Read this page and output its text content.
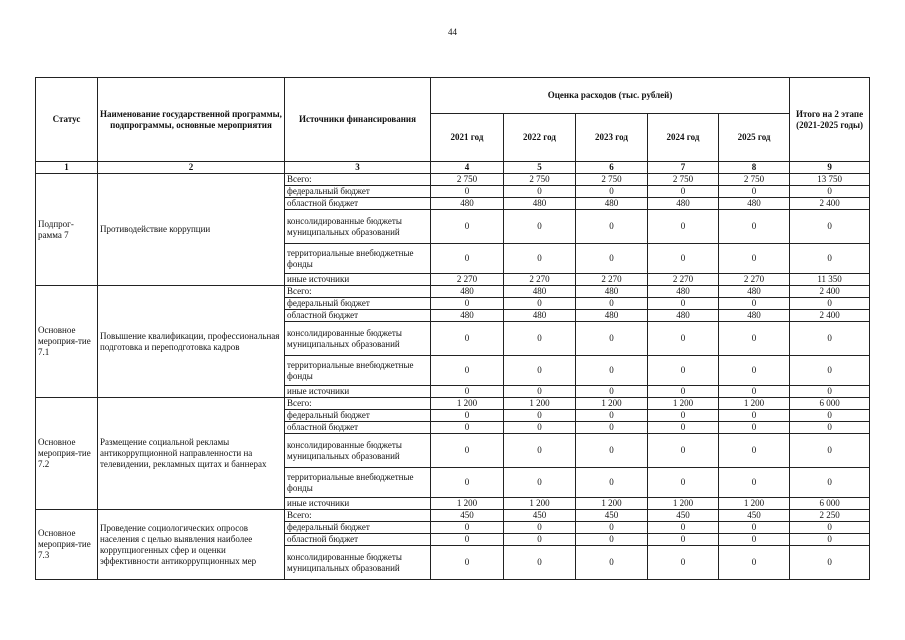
44
Статус	Наименование государственной программы, подпрограммы, основные мероприятия	Источники финансирования	Оценка расходов (тыс. рублей)					Итого на 2 этапе (2021-2025 годы)
			2021 год	2022 год	2023 год	2024 год	2025 год	
1	2	3	4	5	6	7	8	9
Подпрог-рамма 7	Противодействие коррупции	Всего:	2 750	2 750	2 750	2 750	2 750	13 750
		федеральный бюджет	0	0	0	0	0	0
		областной бюджет	480	480	480	480	480	2 400
		консолидированные бюджеты муниципальных образований	0	0	0	0	0	0
		территориальные внебюджетные фонды	0	0	0	0	0	0
		иные источники	2 270	2 270	2 270	2 270	2 270	11 350
Основное мероприя-тие 7.1	Повышение квалификации, профессиональная подготовка и переподготовка кадров	Всего:	480	480	480	480	480	2 400
		федеральный бюджет	0	0	0	0	0	0
		областной бюджет	480	480	480	480	480	2 400
		консолидированные бюджеты муниципальных образований	0	0	0	0	0	0
		территориальные внебюджетные фонды	0	0	0	0	0	0
		иные источники	0	0	0	0	0	0
Основное мероприя-тие 7.2	Размещение социальной рекламы антикоррупционной направленности на телевидении, рекламных щитах и баннерах	Всего:	1 200	1 200	1 200	1 200	1 200	6 000
		федеральный бюджет	0	0	0	0	0	0
		областной бюджет	0	0	0	0	0	0
		консолидированные бюджеты муниципальных образований	0	0	0	0	0	0
		территориальные внебюджетные фонды	0	0	0	0	0	0
		иные источники	1 200	1 200	1 200	1 200	1 200	6 000
Основное мероприя-тие 7.3	Проведение социологических опросов населения с целью выявления наиболее коррупциогенных сфер и оценки эффективности антикоррупционных мер	Всего:	450	450	450	450	450	2 250
		федеральный бюджет	0	0	0	0	0	0
		областной бюджет	0	0	0	0	0	0
		консолидированные бюджеты муниципальных образований	0	0	0	0	0	0
